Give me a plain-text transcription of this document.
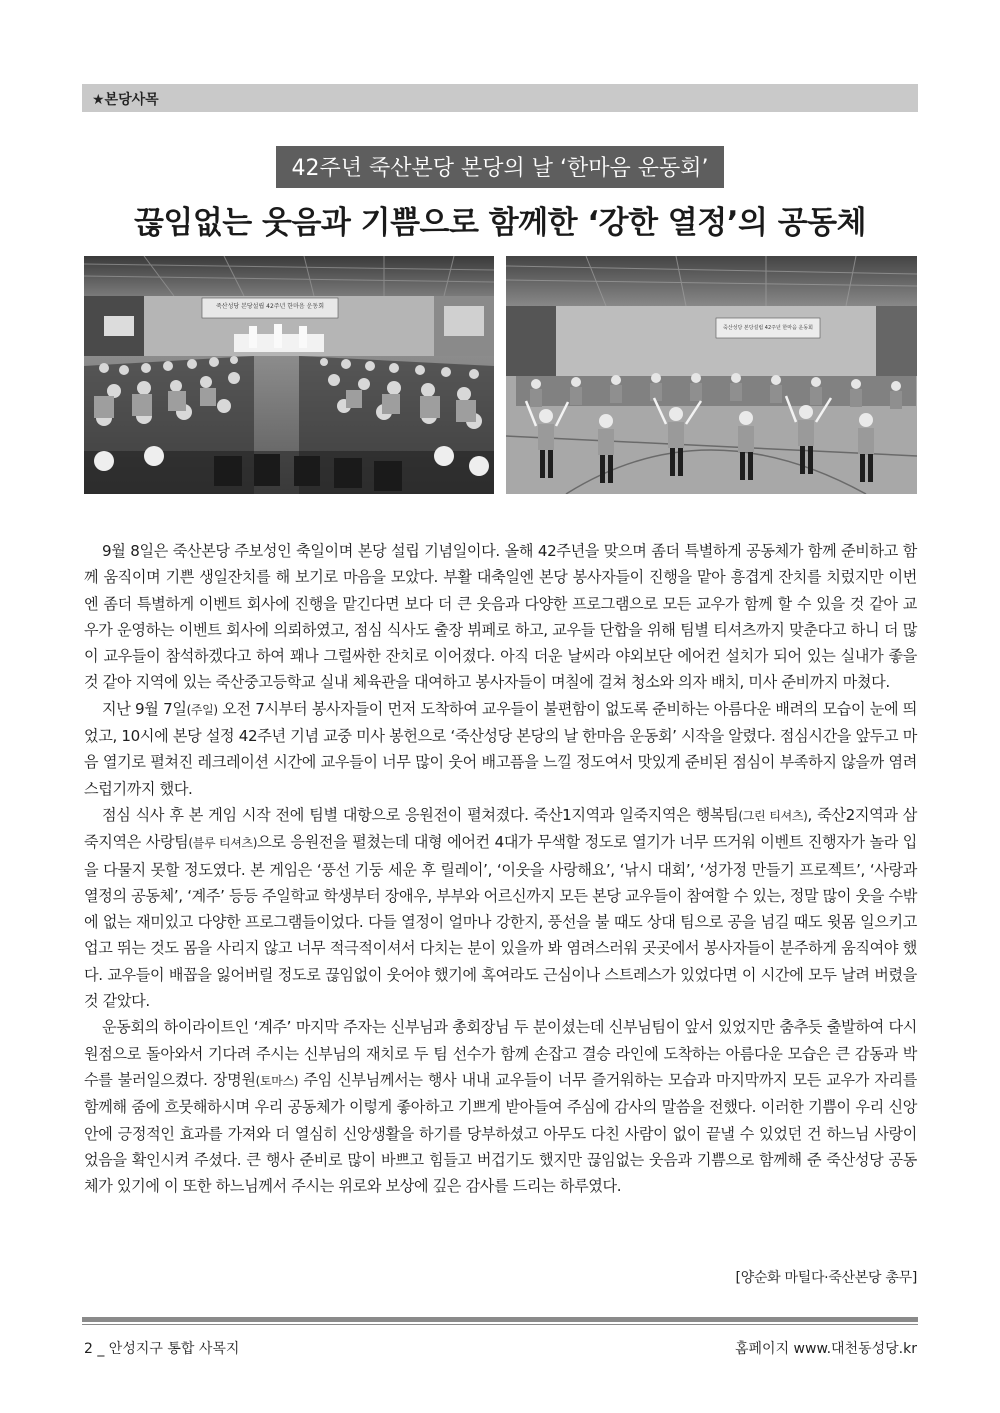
★본당사목
42주년 죽산본당 본당의 날 ‘한마음 운동회’
끊임없는 웃음과 기쁨으로 함께한 ‘강한 열정’의 공동체
죽산성당 본당설립 42주년 한마음 운동회
죽산성당 본당설립 42주년 한마음 운동회

9월 8일은 죽산본당 주보성인 축일이며 본당 설립 기념일이다. 올해 42주년을 맞으며 좀더 특별하게 공동체가 함께 준비하고 함께 움직이며 기쁜 생일잔치를 해 보기로 마음을 모았다. 부활 대축일엔 본당 봉사자들이 진행을 맡아 흥겹게 잔치를 치렀지만 이번엔 좀더 특별하게 이벤트 회사에 진행을 맡긴다면 보다 더 큰 웃음과 다양한 프로그램으로 모든 교우가 함께 할 수 있을 것 같아 교우가 운영하는 이벤트 회사에 의뢰하였고, 점심 식사도 출장 뷔페로 하고, 교우들 단합을 위해 팀별 티셔츠까지 맞춘다고 하니 더 많이 교우들이 참석하겠다고 하여 꽤나 그럴싸한 잔치로 이어졌다. 아직 더운 날씨라 야외보단 에어컨 설치가 되어 있는 실내가 좋을 것 같아 지역에 있는 죽산중고등학교 실내 체육관을 대여하고 봉사자들이 며칠에 걸쳐 청소와 의자 배치, 미사 준비까지 마쳤다.

지난 9월 7일(주일) 오전 7시부터 봉사자들이 먼저 도착하여 교우들이 불편함이 없도록 준비하는 아름다운 배려의 모습이 눈에 띄었고, 10시에 본당 설정 42주년 기념 교중 미사 봉헌으로 ‘죽산성당 본당의 날 한마음 운동회’ 시작을 알렸다. 점심시간을 앞두고 마음 열기로 펼쳐진 레크레이션 시간에 교우들이 너무 많이 웃어 배고픔을 느낄 정도여서 맛있게 준비된 점심이 부족하지 않을까 염려스럽기까지 했다.

점심 식사 후 본 게임 시작 전에 팀별 대항으로 응원전이 펼쳐졌다. 죽산1지역과 일죽지역은 행복팀(그린 티셔츠), 죽산2지역과 삼죽지역은 사랑팀(블루 티셔츠)으로 응원전을 펼쳤는데 대형 에어컨 4대가 무색할 정도로 열기가 너무 뜨거워 이벤트 진행자가 놀라 입을 다물지 못할 정도였다. 본 게임은 ‘풍선 기둥 세운 후 릴레이’, ‘이웃을 사랑해요’, ‘낚시 대회’, ‘성가정 만들기 프로젝트’, ‘사랑과 열정의 공동체’, ‘계주’ 등등 주일학교 학생부터 장애우, 부부와 어르신까지 모든 본당 교우들이 참여할 수 있는, 정말 많이 웃을 수밖에 없는 재미있고 다양한 프로그램들이었다. 다들 열정이 얼마나 강한지, 풍선을 불 때도 상대 팀으로 공을 넘길 때도 윗몸 일으키고 업고 뛰는 것도 몸을 사리지 않고 너무 적극적이셔서 다치는 분이 있을까 봐 염려스러워 곳곳에서 봉사자들이 분주하게 움직여야 했다. 교우들이 배꼽을 잃어버릴 정도로 끊임없이 웃어야 했기에 혹여라도 근심이나 스트레스가 있었다면 이 시간에 모두 날려 버렸을 것 같았다.

운동회의 하이라이트인 ‘계주’ 마지막 주자는 신부님과 총회장님 두 분이셨는데 신부님팀이 앞서 있었지만 춤추듯 출발하여 다시 원점으로 돌아와서 기다려 주시는 신부님의 재치로 두 팀 선수가 함께 손잡고 결승 라인에 도착하는 아름다운 모습은 큰 감동과 박수를 불러일으켰다. 장명원(토마스) 주임 신부님께서는 행사 내내 교우들이 너무 즐거워하는 모습과 마지막까지 모든 교우가 자리를 함께해 줌에 흐뭇해하시며 우리 공동체가 이렇게 좋아하고 기쁘게 받아들여 주심에 감사의 말씀을 전했다. 이러한 기쁨이 우리 신앙 안에 긍정적인 효과를 가져와 더 열심히 신앙생활을 하기를 당부하셨고 아무도 다친 사람이 없이 끝낼 수 있었던 건 하느님 사랑이었음을 확인시켜 주셨다. 큰 행사 준비로 많이 바쁘고 힘들고 버겁기도 했지만 끊임없는 웃음과 기쁨으로 함께해 준 죽산성당 공동체가 있기에 이 또한 하느님께서 주시는 위로와 보상에 깊은 감사를 드리는 하루였다.

[양순화 마틸다·죽산본당 총무]
2 _ 안성지구 통합 사목지	홈페이지 www.대천동성당.kr
